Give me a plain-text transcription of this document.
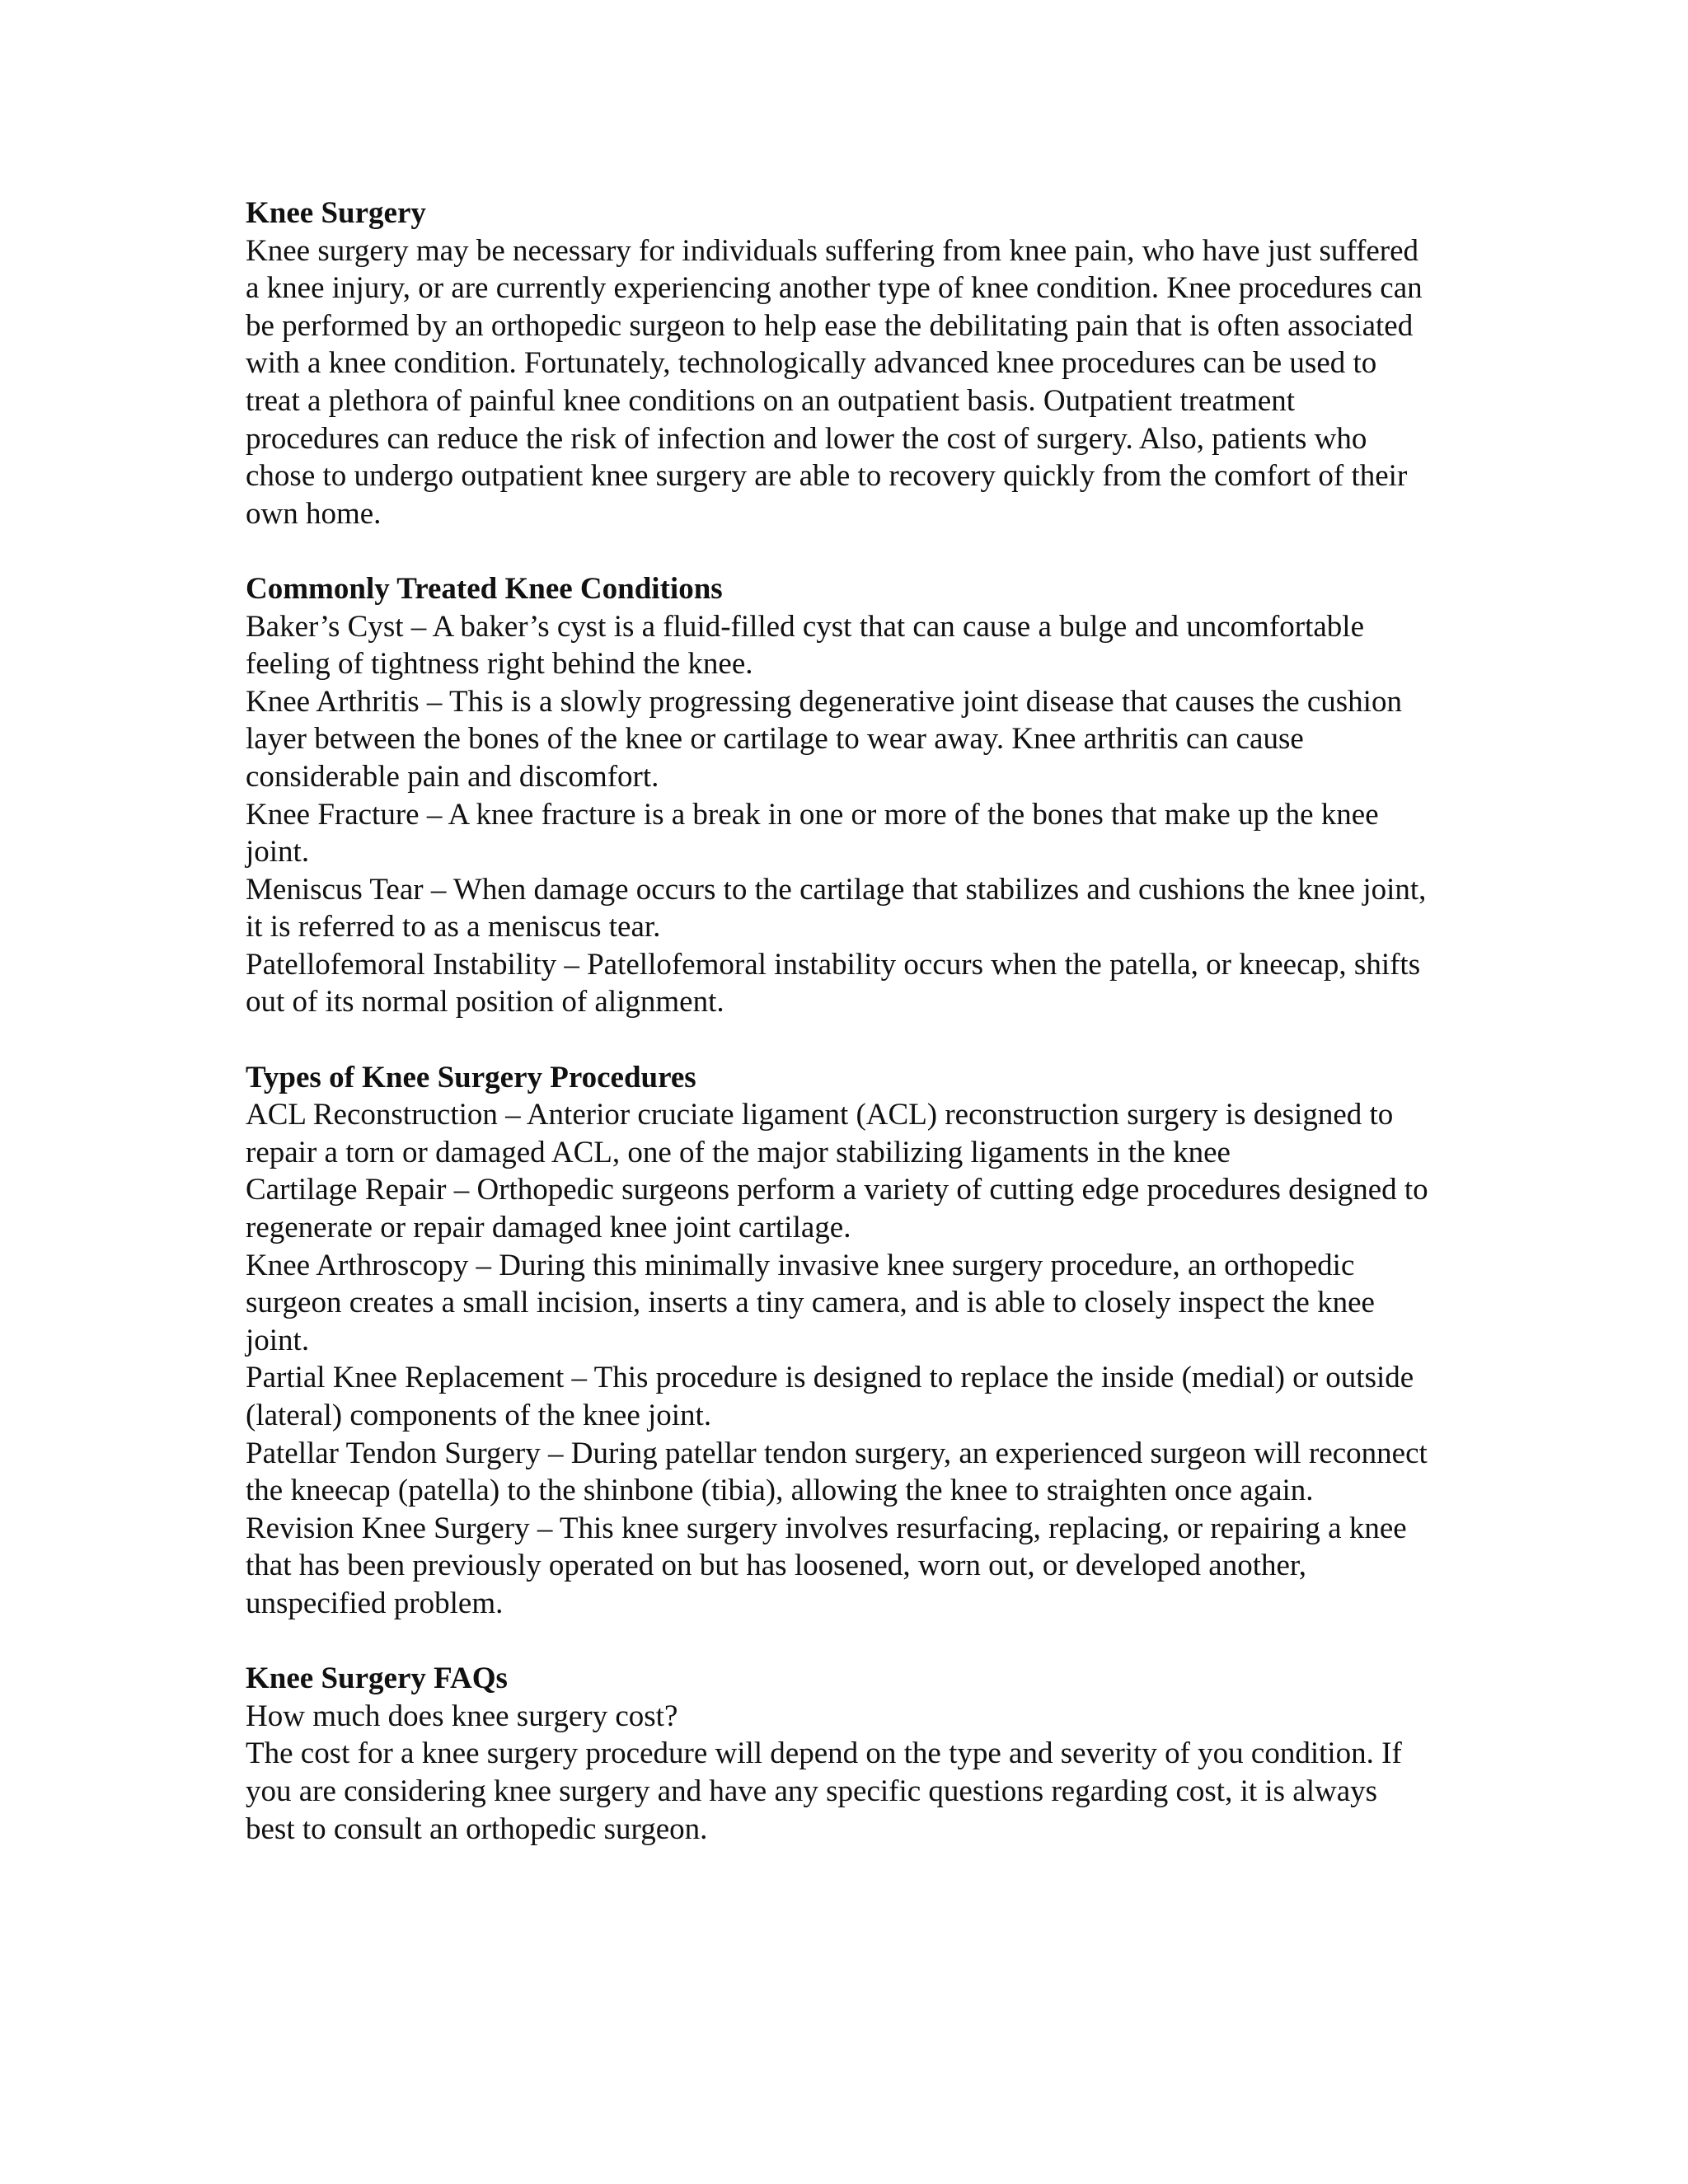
Knee Surgery

Knee surgery may be necessary for individuals suffering from knee pain, who have just suffered a knee injury, or are currently experiencing another type of knee condition. Knee procedures can be performed by an orthopedic surgeon to help ease the debilitating pain that is often associated with a knee condition. Fortunately, technologically advanced knee procedures can be used to treat a plethora of painful knee conditions on an outpatient basis. Outpatient treatment procedures can reduce the risk of infection and lower the cost of surgery. Also, patients who chose to undergo outpatient knee surgery are able to recovery quickly from the comfort of their own home.

Commonly Treated Knee Conditions

Baker’s Cyst – A baker’s cyst is a fluid-filled cyst that can cause a bulge and uncomfortable feeling of tightness right behind the knee.

Knee Arthritis – This is a slowly progressing degenerative joint disease that causes the cushion layer between the bones of the knee or cartilage to wear away. Knee arthritis can cause considerable pain and discomfort.

Knee Fracture – A knee fracture is a break in one or more of the bones that make up the knee joint.

Meniscus Tear – When damage occurs to the cartilage that stabilizes and cushions the knee joint, it is referred to as a meniscus tear.

Patellofemoral Instability – Patellofemoral instability occurs when the patella, or kneecap, shifts out of its normal position of alignment.

Types of Knee Surgery Procedures

ACL Reconstruction – Anterior cruciate ligament (ACL) reconstruction surgery is designed to repair a torn or damaged ACL, one of the major stabilizing ligaments in the knee

Cartilage Repair – Orthopedic surgeons perform a variety of cutting edge procedures designed to regenerate or repair damaged knee joint cartilage.

Knee Arthroscopy – During this minimally invasive knee surgery procedure, an orthopedic surgeon creates a small incision, inserts a tiny camera, and is able to closely inspect the knee joint.

Partial Knee Replacement – This procedure is designed to replace the inside (medial) or outside (lateral) components of the knee joint.

Patellar Tendon Surgery – During patellar tendon surgery, an experienced surgeon will reconnect the kneecap (patella) to the shinbone (tibia), allowing the knee to straighten once again.

Revision Knee Surgery – This knee surgery involves resurfacing, replacing, or repairing a knee that has been previously operated on but has loosened, worn out, or developed another, unspecified problem.

Knee Surgery FAQs

How much does knee surgery cost?

The cost for a knee surgery procedure will depend on the type and severity of you condition. If you are considering knee surgery and have any specific questions regarding cost, it is always best to consult an orthopedic surgeon.
